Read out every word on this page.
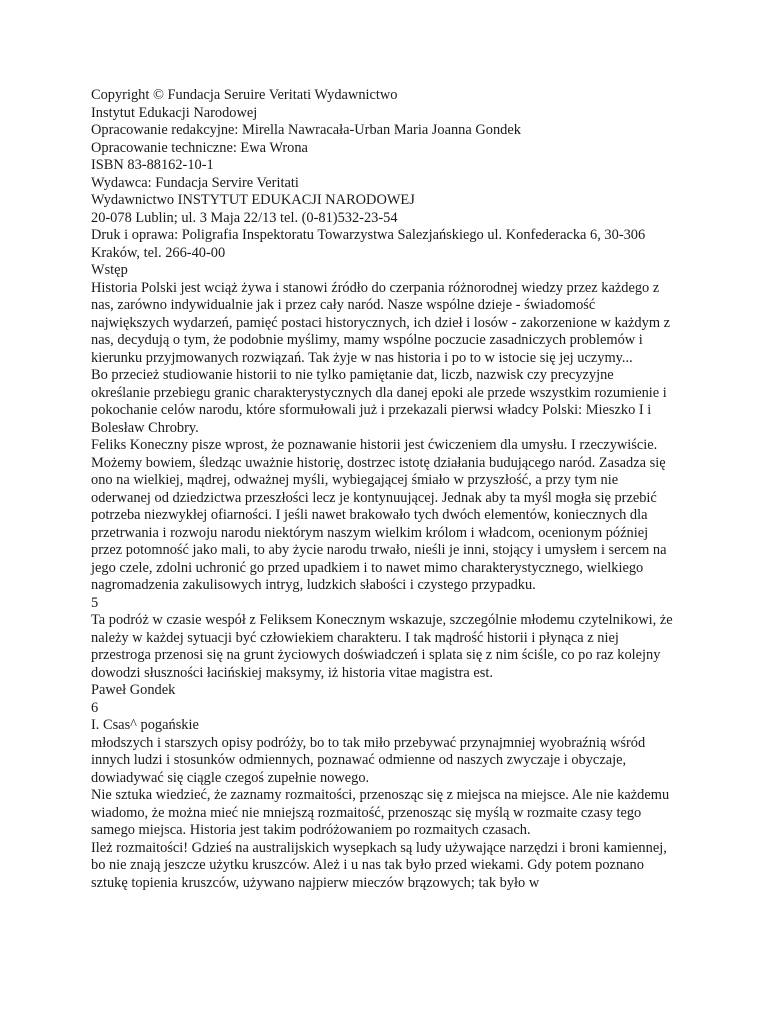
Copyright © Fundacja Seruire Veritati Wydawnictwo

Instytut Edukacji Narodowej

Opracowanie redakcyjne: Mirella Nawracała-Urban Maria Joanna Gondek

Opracowanie techniczne: Ewa Wrona

ISBN 83-88162-10-1

Wydawca: Fundacja Servire Veritati

Wydawnictwo INSTYTUT EDUKACJI NARODOWEJ

20-078 Lublin; ul. 3 Maja 22/13 tel. (0-81)532-23-54

Druk i oprawa: Poligrafia Inspektoratu Towarzystwa Salezjańskiego ul. Konfederacka 6, 30-306 Kraków, tel. 266-40-00

Wstęp

Historia Polski jest wciąż żywa i stanowi źródło do czerpania różnorodnej wiedzy przez każdego z nas, zarówno indywidualnie jak i przez cały naród. Nasze wspólne dzieje - świadomość największych wydarzeń, pamięć postaci historycznych, ich dzieł i losów - zakorzenione w każdym z nas, decydują o tym, że podobnie myślimy, mamy wspólne poczucie zasadniczych problemów i kierunku przyjmowanych rozwiązań. Tak żyje w nas historia i po to w istocie się jej uczymy...

Bo przecież studiowanie historii to nie tylko pamiętanie dat, liczb, nazwisk czy precyzyjne określanie przebiegu granic charakterystycznych dla danej epoki ale przede wszystkim rozumienie i pokochanie celów narodu, które sformułowali już i przekazali pierwsi władcy Polski: Mieszko I i Bolesław Chrobry.

Feliks Koneczny pisze wprost, że poznawanie historii jest ćwiczeniem dla umysłu. I rzeczywiście. Możemy bowiem, śledząc uważnie historię, dostrzec istotę działania budującego naród. Zasadza się ono na wielkiej, mądrej, odważnej myśli, wybiegającej śmiało w przyszłość, a przy tym nie oderwanej od dziedzictwa przeszłości lecz je kontynuującej. Jednak aby ta myśl mogła się przebić potrzeba niezwykłej ofiarności. I jeśli nawet brakowało tych dwóch elementów, koniecznych dla przetrwania i rozwoju narodu niektórym naszym wielkim królom i władcom, ocenionym później przez potomność jako mali, to aby życie narodu trwało, nieśli je inni, stojący i umysłem i sercem na jego czele, zdolni uchronić go przed upadkiem i to nawet mimo charakterystycznego, wielkiego nagromadzenia zakulisowych intryg, ludzkich słabości i czystego przypadku.

5

Ta podróż w czasie wespół z Feliksem Konecznym wskazuje, szczególnie młodemu czytelnikowi, że należy w każdej sytuacji być człowiekiem charakteru. I tak mądrość historii i płynąca z niej przestroga przenosi się na grunt życiowych doświadczeń i splata się z nim ściśle, co po raz kolejny dowodzi słuszności łacińskiej maksymy, iż historia vitae magistra est.

Paweł Gondek

6

I. Csas^ pogańskie

młodszych i starszych opisy podróży, bo to tak miło przebywać przynajmniej wyobraźnią wśród innych ludzi i stosunków odmiennych, poznawać odmienne od naszych zwyczaje i obyczaje, dowiadywać się ciągle czegoś zupełnie nowego.

Nie sztuka wiedzieć, że zaznamy rozmaitości, przenosząc się z miejsca na miejsce. Ale nie każdemu wiadomo, że można mieć nie mniejszą rozmaitość, przenosząc się myślą w rozmaite czasy tego samego miejsca. Historia jest takim podróżowaniem po rozmaitych czasach.

Ileż rozmaitości! Gdzieś na australijskich wysepkach są ludy używające narzędzi i broni kamiennej, bo nie znają jeszcze użytku kruszców. Ależ i u nas tak było przed wiekami. Gdy potem poznano sztukę topienia kruszców, używano najpierw mieczów brązowych; tak było w
